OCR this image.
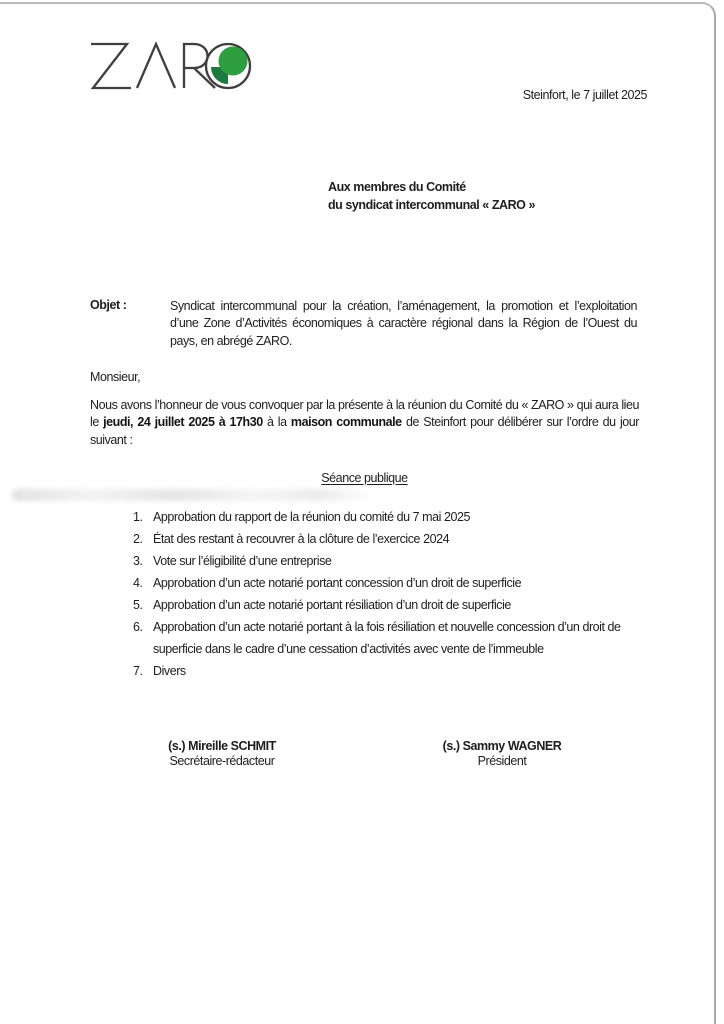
Steinfort, le 7 juillet 2025
Aux membres du Comité
du syndicat intercommunal « ZARO »
Objet :	Syndicat intercommunal pour la création, l’aménagement, la promotion et l’exploitation d’une Zone d’Activités économiques à caractère régional dans la Région de l’Ouest du pays, en abrégé ZARO.
Monsieur,

Nous avons l’honneur de vous convoquer par la présente à la réunion du Comité du « ZARO » qui aura lieu le jeudi, 24 juillet 2025 à 17h30 à la maison communale de Steinfort pour délibérer sur l’ordre du jour suivant :

Séance publique
1. Approbation du rapport de la réunion du comité du 7 mai 2025
2. État des restant à recouvrer à la clôture de l’exercice 2024
3. Vote sur l’éligibilité d’une entreprise
4. Approbation d’un acte notarié portant concession d’un droit de superficie
5. Approbation d’un acte notarié portant résiliation d’un droit de superficie
6. Approbation d’un acte notarié portant à la fois résiliation et nouvelle concession d’un droit de superficie dans le cadre d’une cessation d’activités avec vente de l’immeuble
7. Divers
(s.) Mireille SCHMIT
Secrétaire-rédacteur
(s.) Sammy WAGNER
Président
